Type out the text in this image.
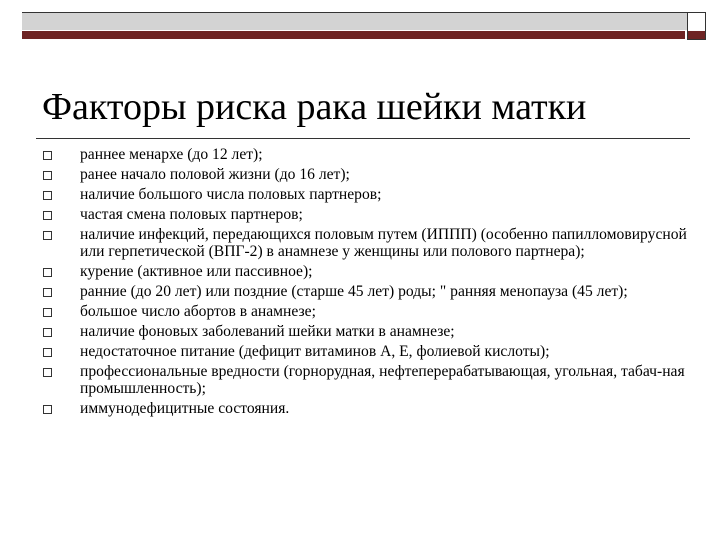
Факторы риска рака шейки матки
раннее менархе (до 12 лет);
ранее начало половой жизни (до 16 лет);
наличие большого числа половых партнеров;
частая смена половых партнеров;
наличие инфекций, передающихся половым путем (ИППП) (особенно папилломовирусной или герпетической (ВПГ-2) в анамнезе у женщины или полового партнера);
курение (активное или пассивное);
ранние (до 20 лет) или поздние (старше 45 лет) роды; " ранняя менопауза (45 лет);
большое число абортов в анамнезе;
наличие фоновых заболеваний шейки матки в анамнезе;
недостаточное питание (дефицит витаминов А, Е, фолиевой кислоты);
профессиональные вредности (горнорудная, нефтеперерабатывающая, угольная, табач-ная промышленность);
иммунодефицитные состояния.
